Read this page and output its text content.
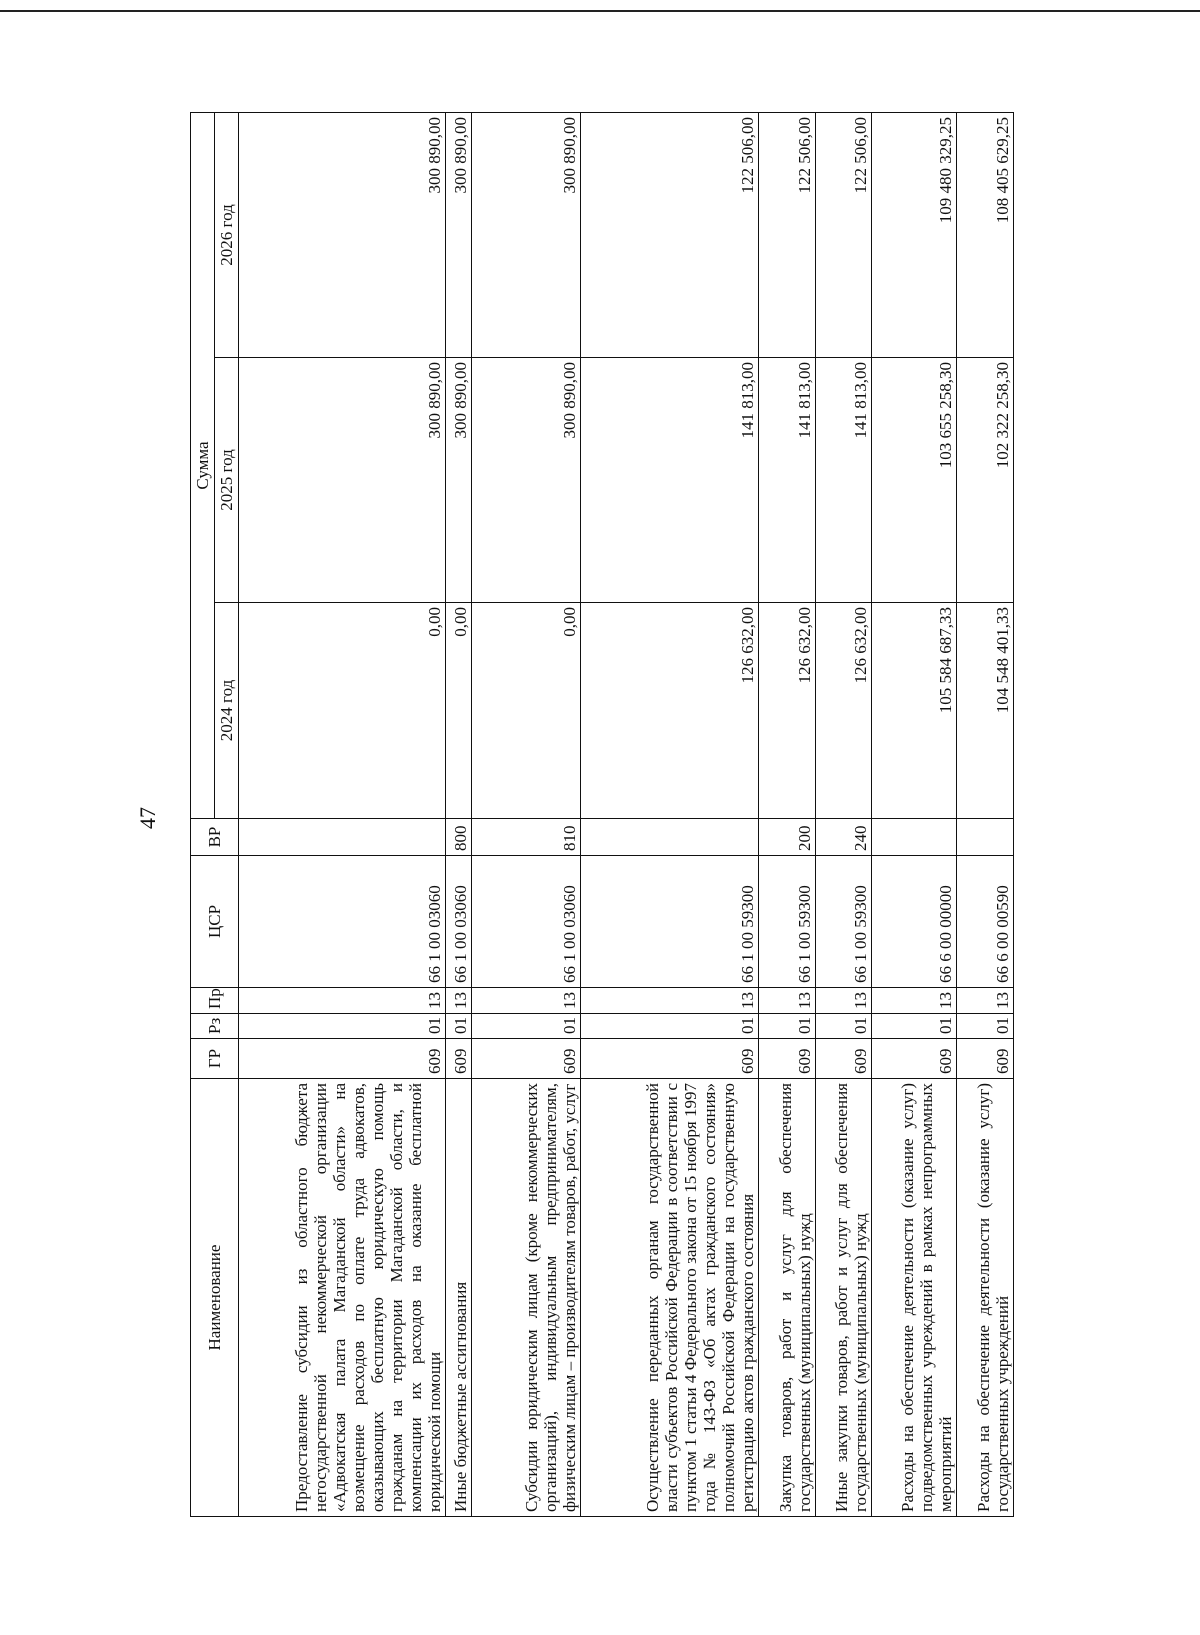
47
Наименование	ГР	Рз	Пр	ЦСР	ВР	Сумма		
						2024 год	2025 год	2026 год
Предоставление субсидии из областного бюджета негосударственной некоммерческой организации «Адвокатская палата Магаданской области» на возмещение расходов по оплате труда адвокатов, оказывающих бесплатную юридическую помощь гражданам на территории Магаданской области, и компенсации их расходов на оказание бесплатной юридической помощи	609	01	13	66 1 00 03060		0,00	300 890,00	300 890,00
Иные бюджетные ассигнования	609	01	13	66 1 00 03060	800	0,00	300 890,00	300 890,00
Субсидии юридическим лицам (кроме некоммерческих организаций), индивидуальным предпринимателям, физическим лицам – производителям товаров, работ, услуг	609	01	13	66 1 00 03060	810	0,00	300 890,00	300 890,00
Осуществление переданных органам государственной власти субъектов Российской Федерации в соответствии с пунктом 1 статьи 4 Федерального закона от 15 ноября 1997 года № 143-ФЗ «Об актах гражданского состояния» полномочий Российской Федерации на государственную регистрацию актов гражданского состояния	609	01	13	66 1 00 59300		126 632,00	141 813,00	122 506,00
Закупка товаров, работ и услуг для обеспечения государственных (муниципальных) нужд	609	01	13	66 1 00 59300	200	126 632,00	141 813,00	122 506,00
Иные закупки товаров, работ и услуг для обеспечения государственных (муниципальных) нужд	609	01	13	66 1 00 59300	240	126 632,00	141 813,00	122 506,00
Расходы на обеспечение деятельности (оказание услуг) подведомственных учреждений в рамках непрограммных мероприятий	609	01	13	66 6 00 00000		105 584 687,33	103 655 258,30	109 480 329,25
Расходы на обеспечение деятельности (оказание услуг) государственных учреждений	609	01	13	66 6 00 00590		104 548 401,33	102 322 258,30	108 405 629,25
